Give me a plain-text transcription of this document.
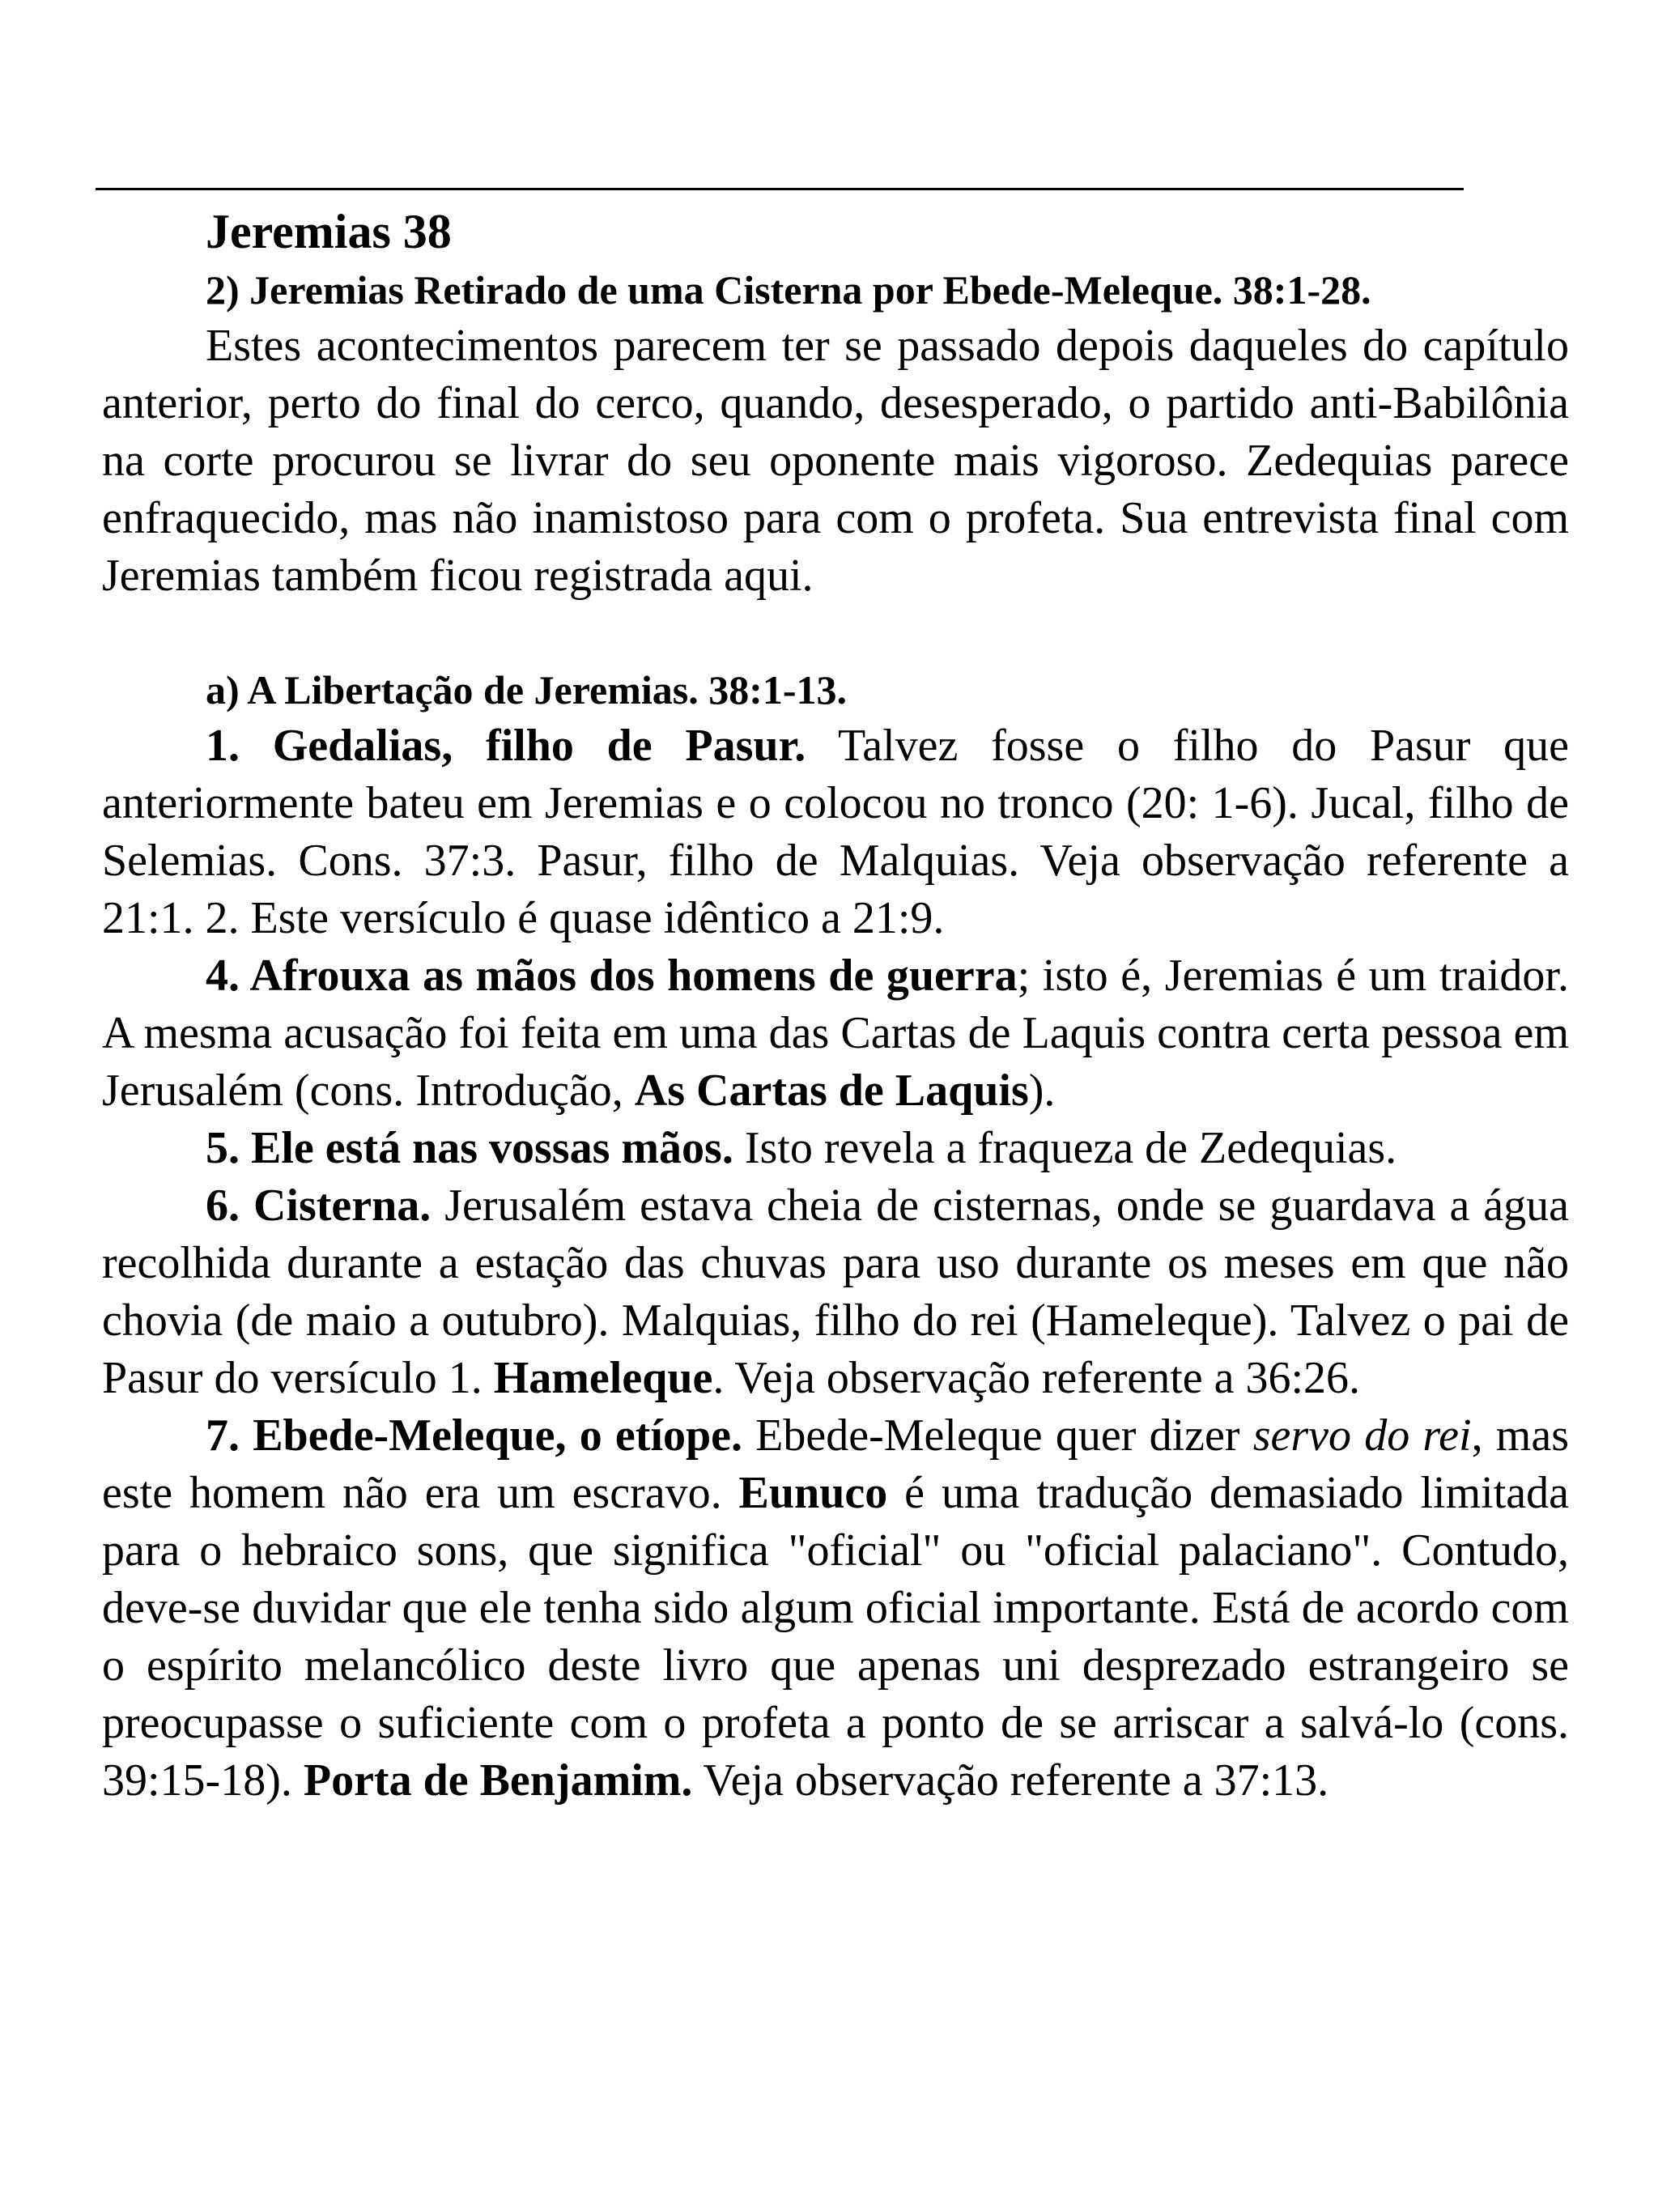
Jeremias 38
2) Jeremias Retirado de uma Cisterna por Ebede-Meleque. 38:1-28.

Estes acontecimentos parecem ter se passado depois daqueles do capítulo anterior, perto do final do cerco, quando, desesperado, o partido anti-Babilônia na corte procurou se livrar do seu oponente mais vigoroso. Zedequias parece enfraquecido, mas não inamistoso para com o profeta. Sua entrevista final com Jeremias também ficou registrada aqui.

a) A Libertação de Jeremias. 38:1-13.

1. Gedalias, filho de Pasur. Talvez fosse o filho do Pasur que anteriormente bateu em Jeremias e o colocou no tronco (20: 1-6). Jucal, filho de Selemias. Cons. 37:3. Pasur, filho de Malquias. Veja observação referente a 21:1. 2. Este versículo é quase idêntico a 21:9.

4. Afrouxa as mãos dos homens de guerra; isto é, Jeremias é um traidor. A mesma acusação foi feita em uma das Cartas de Laquis contra certa pessoa em Jerusalém (cons. Introdução, As Cartas de Laquis).

5. Ele está nas vossas mãos. Isto revela a fraqueza de Zedequias.

6. Cisterna. Jerusalém estava cheia de cisternas, onde se guardava a água recolhida durante a estação das chuvas para uso durante os meses em que não chovia (de maio a outubro). Malquias, filho do rei (Hameleque). Talvez o pai de Pasur do versículo 1. Hameleque. Veja observação referente a 36:26.

7. Ebede-Meleque, o etíope. Ebede-Meleque quer dizer servo do rei, mas este homem não era um escravo. Eunuco é uma tradução demasiado limitada para o hebraico sons, que significa "oficial" ou "oficial palaciano". Contudo, deve-se duvidar que ele tenha sido algum oficial importante. Está de acordo com o espírito melancólico deste livro que apenas uni desprezado estrangeiro se preocupasse o suficiente com o profeta a ponto de se arriscar a salvá-lo (cons. 39:15-18). Porta de Benjamim. Veja observação referente a 37:13.
